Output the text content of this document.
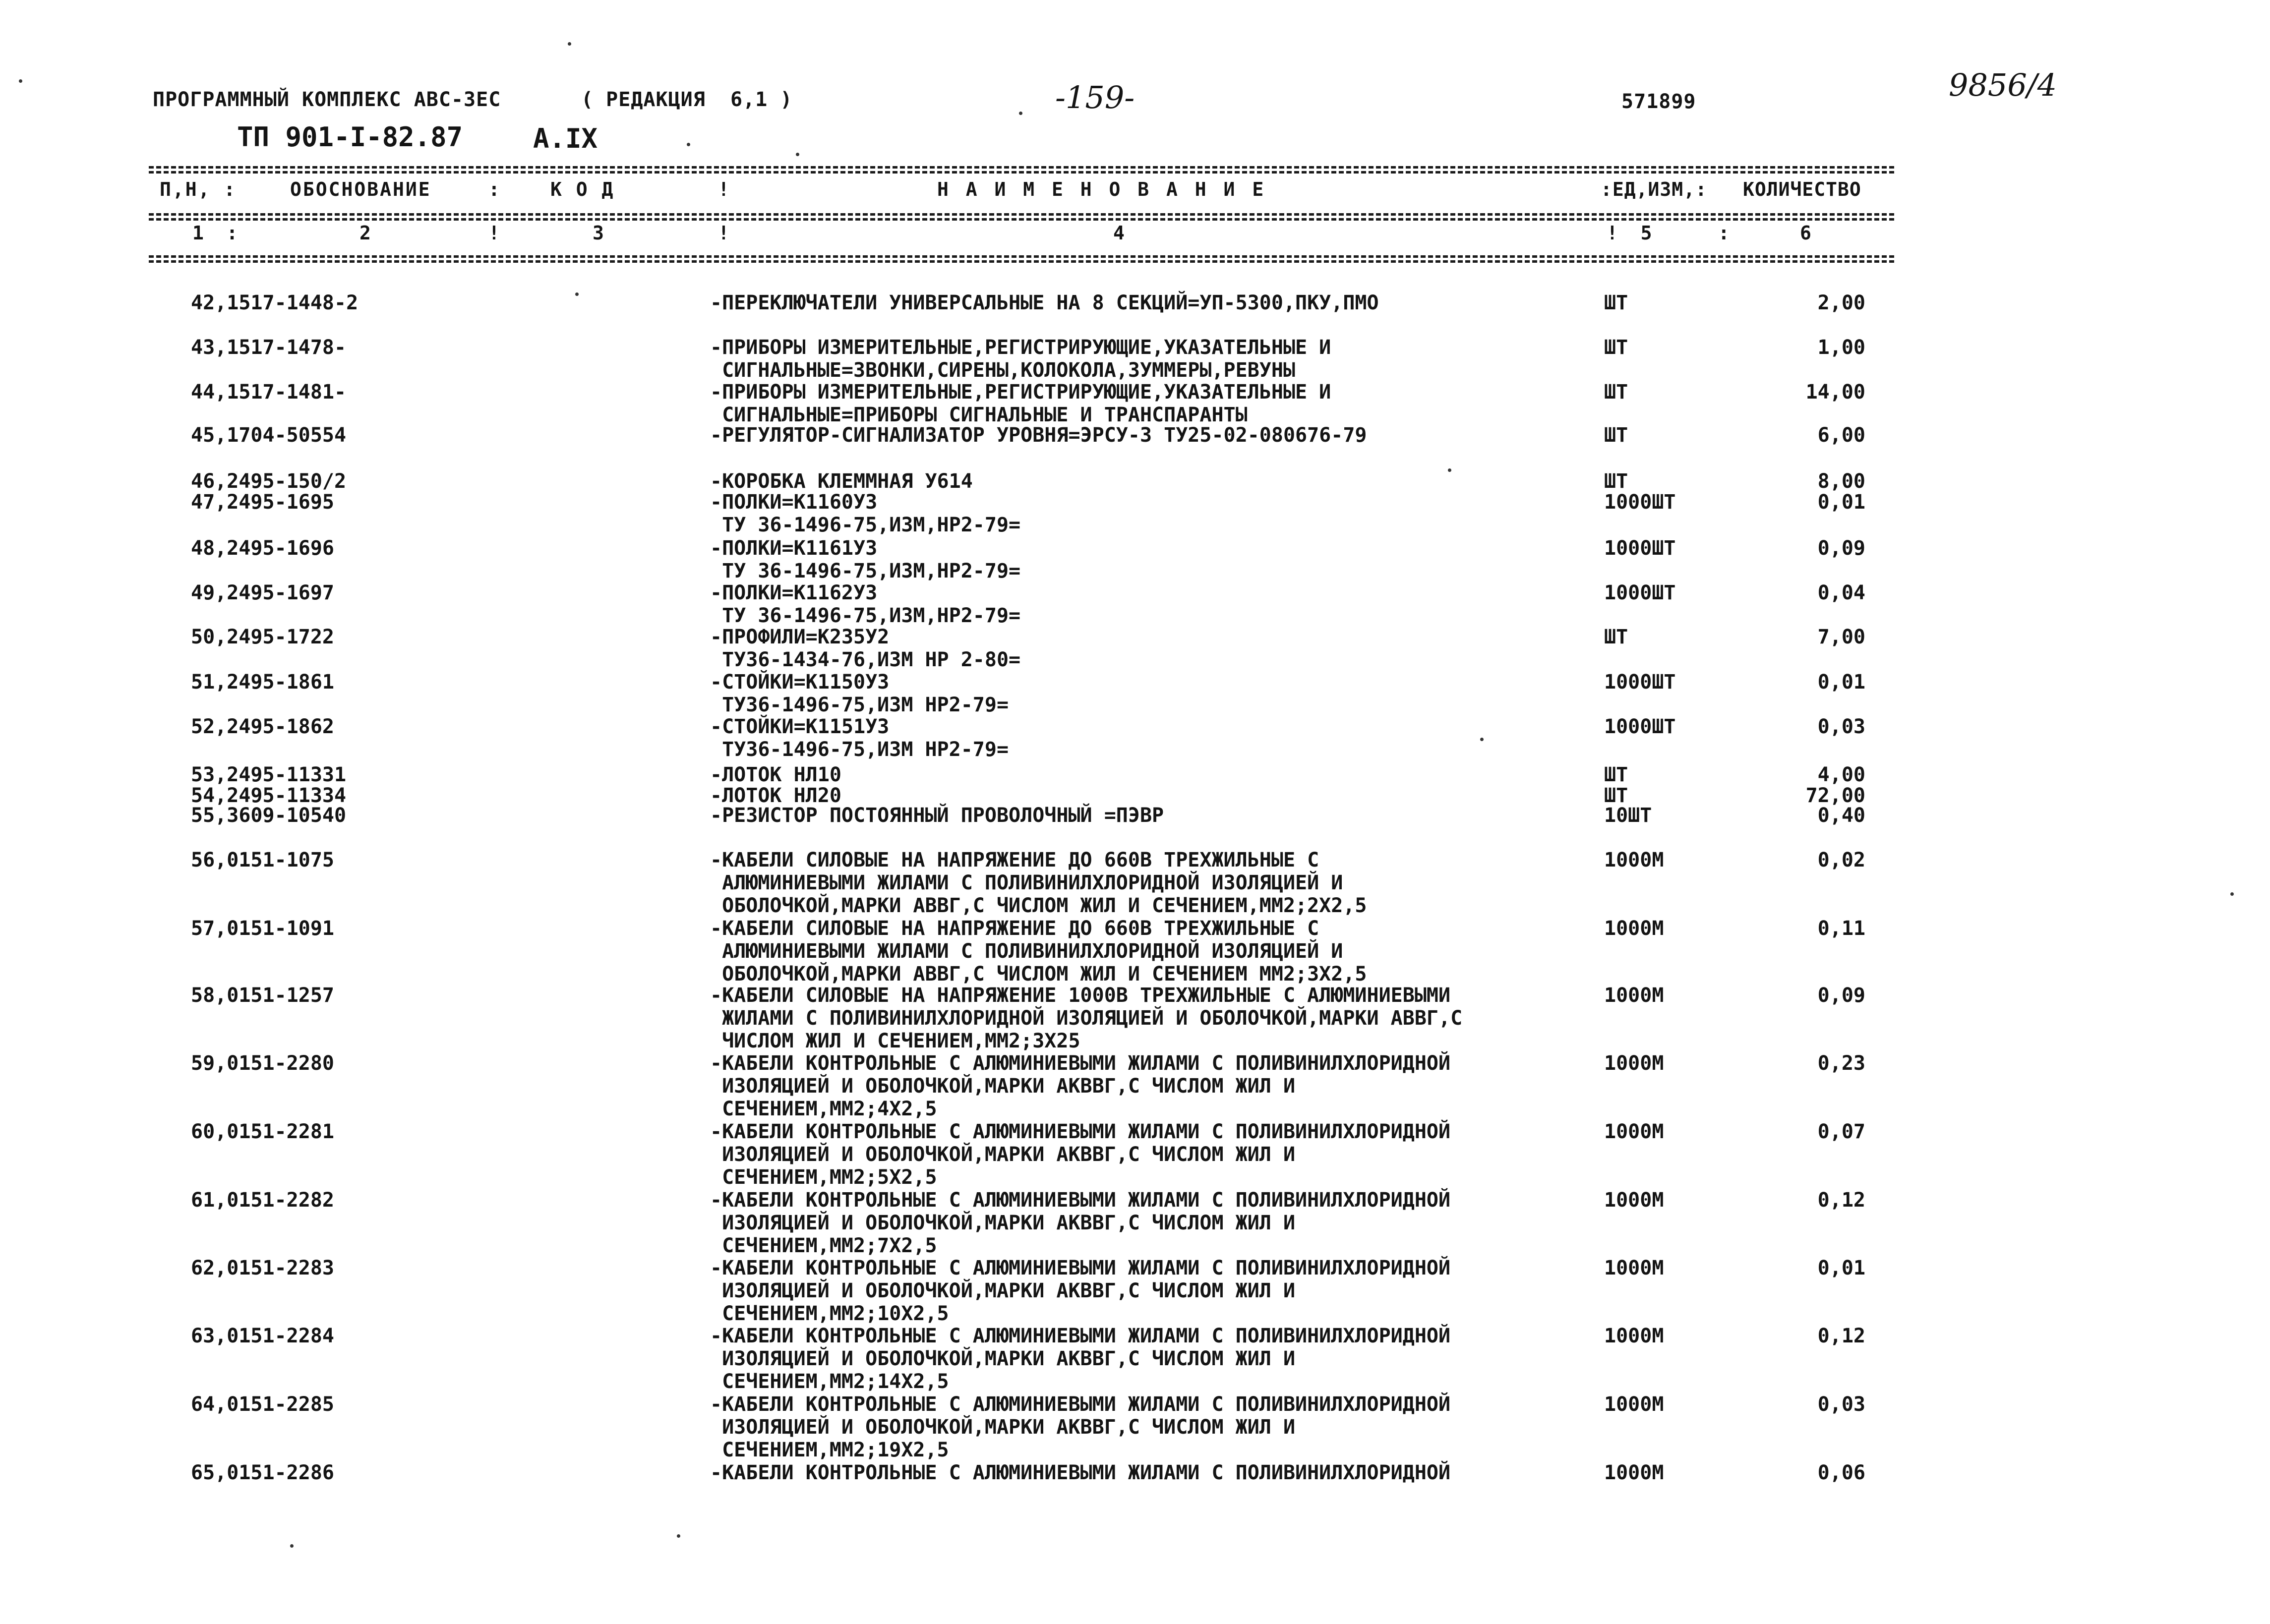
ПРОГРАММНЫЙ КОМПЛЕКС АВС-3ЕС	( РЕДАКЦИЯ  6,1 )	-159-	571899	9856/4
ТП 901-I-82.87	А.IX
П,Н, :	ОБОСНОВАНИЕ	:	К О Д	!	Н А И М Е Н О В А Н И Е	:ЕД,ИЗМ,: КОЛИЧЕСТВО
1  :	2	!	3	!	4	!  5	:	6
42,1517-1448-2	-ПЕРЕКЛЮЧАТЕЛИ УНИВЕРСАЛЬНЫЕ НА 8 СЕКЦИЙ=УП-5300,ПКУ,ПМО	ШТ	2,00
43,1517-1478-	-ПРИБОРЫ ИЗМЕРИТЕЛЬНЫЕ,РЕГИСТРИРУЮЩИЕ,УКАЗАТЕЛЬНЫЕ И
СИГНАЛЬНЫЕ=ЗВОНКИ,СИРЕНЫ,КОЛОКОЛА,ЗУММЕРЫ,РЕВУНЫ
ШТ	1,00
44,1517-1481-	-ПРИБОРЫ ИЗМЕРИТЕЛЬНЫЕ,РЕГИСТРИРУЮЩИЕ,УКАЗАТЕЛЬНЫЕ И
СИГНАЛЬНЫЕ=ПРИБОРЫ СИГНАЛЬНЫЕ И ТРАНСПАРАНТЫ
ШТ	14,00
45,1704-50554	-РЕГУЛЯТОР-СИГНАЛИЗАТОР УРОВНЯ=ЭРСУ-3 ТУ25-02-080676-79	ШТ	6,00
46,2495-150/2	-КОРОБКА КЛЕММНАЯ У614	ШТ	8,00
47,2495-1695	-ПОЛКИ=К1160У3
ТУ 36-1496-75,ИЗМ,НР2-79=
1000ШТ	0,01
48,2495-1696	-ПОЛКИ=К1161У3
ТУ 36-1496-75,ИЗМ,НР2-79=
1000ШТ	0,09
49,2495-1697	-ПОЛКИ=К1162У3
ТУ 36-1496-75,ИЗМ,НР2-79=
1000ШТ	0,04
50,2495-1722	-ПРОФИЛИ=К235У2
ТУ36-1434-76,ИЗМ НР 2-80=
ШТ	7,00
51,2495-1861	-СТОЙКИ=К1150У3
ТУ36-1496-75,ИЗМ НР2-79=
1000ШТ	0,01
52,2495-1862	-СТОЙКИ=К1151У3
ТУ36-1496-75,ИЗМ НР2-79=
1000ШТ	0,03
53,2495-11331	-ЛОТОК НЛ10	ШТ	4,00
54,2495-11334	-ЛОТОК НЛ20	ШТ	72,00
55,3609-10540	-РЕЗИСТОР ПОСТОЯННЫЙ ПРОВОЛОЧНЫЙ =ПЭВР	10ШТ	0,40
56,0151-1075	-КАБЕЛИ СИЛОВЫЕ НА НАПРЯЖЕНИЕ ДО 660В ТРЕХЖИЛЬНЫЕ С
АЛЮМИНИЕВЫМИ ЖИЛАМИ С ПОЛИВИНИЛХЛОРИДНОЙ ИЗОЛЯЦИЕЙ И
ОБОЛОЧКОЙ,МАРКИ АВВГ,С ЧИСЛОМ ЖИЛ И СЕЧЕНИЕМ,ММ2;2Х2,5
1000М	0,02
57,0151-1091	-КАБЕЛИ СИЛОВЫЕ НА НАПРЯЖЕНИЕ ДО 660В ТРЕХЖИЛЬНЫЕ С
АЛЮМИНИЕВЫМИ ЖИЛАМИ С ПОЛИВИНИЛХЛОРИДНОЙ ИЗОЛЯЦИЕЙ И
ОБОЛОЧКОЙ,МАРКИ АВВГ,С ЧИСЛОМ ЖИЛ И СЕЧЕНИЕМ ММ2;3Х2,5
1000М	0,11
58,0151-1257	-КАБЕЛИ СИЛОВЫЕ НА НАПРЯЖЕНИЕ 1000В ТРЕХЖИЛЬНЫЕ С АЛЮМИНИЕВЫМИ
ЖИЛАМИ С ПОЛИВИНИЛХЛОРИДНОЙ ИЗОЛЯЦИЕЙ И ОБОЛОЧКОЙ,МАРКИ АВВГ,С
ЧИСЛОМ ЖИЛ И СЕЧЕНИЕМ,ММ2;3Х25
1000М	0,09
59,0151-2280	-КАБЕЛИ КОНТРОЛЬНЫЕ С АЛЮМИНИЕВЫМИ ЖИЛАМИ С ПОЛИВИНИЛХЛОРИДНОЙ
ИЗОЛЯЦИЕЙ И ОБОЛОЧКОЙ,МАРКИ АКВВГ,С ЧИСЛОМ ЖИЛ И
СЕЧЕНИЕМ,ММ2;4Х2,5
1000М	0,23
60,0151-2281	-КАБЕЛИ КОНТРОЛЬНЫЕ С АЛЮМИНИЕВЫМИ ЖИЛАМИ С ПОЛИВИНИЛХЛОРИДНОЙ
ИЗОЛЯЦИЕЙ И ОБОЛОЧКОЙ,МАРКИ АКВВГ,С ЧИСЛОМ ЖИЛ И
СЕЧЕНИЕМ,ММ2;5Х2,5
1000М	0,07
61,0151-2282	-КАБЕЛИ КОНТРОЛЬНЫЕ С АЛЮМИНИЕВЫМИ ЖИЛАМИ С ПОЛИВИНИЛХЛОРИДНОЙ
ИЗОЛЯЦИЕЙ И ОБОЛОЧКОЙ,МАРКИ АКВВГ,С ЧИСЛОМ ЖИЛ И
СЕЧЕНИЕМ,ММ2;7Х2,5
1000М	0,12
62,0151-2283	-КАБЕЛИ КОНТРОЛЬНЫЕ С АЛЮМИНИЕВЫМИ ЖИЛАМИ С ПОЛИВИНИЛХЛОРИДНОЙ
ИЗОЛЯЦИЕЙ И ОБОЛОЧКОЙ,МАРКИ АКВВГ,С ЧИСЛОМ ЖИЛ И
СЕЧЕНИЕМ,ММ2;10Х2,5
1000М	0,01
63,0151-2284	-КАБЕЛИ КОНТРОЛЬНЫЕ С АЛЮМИНИЕВЫМИ ЖИЛАМИ С ПОЛИВИНИЛХЛОРИДНОЙ
ИЗОЛЯЦИЕЙ И ОБОЛОЧКОЙ,МАРКИ АКВВГ,С ЧИСЛОМ ЖИЛ И
СЕЧЕНИЕМ,ММ2;14Х2,5
1000М	0,12
64,0151-2285	-КАБЕЛИ КОНТРОЛЬНЫЕ С АЛЮМИНИЕВЫМИ ЖИЛАМИ С ПОЛИВИНИЛХЛОРИДНОЙ
ИЗОЛЯЦИЕЙ И ОБОЛОЧКОЙ,МАРКИ АКВВГ,С ЧИСЛОМ ЖИЛ И
СЕЧЕНИЕМ,ММ2;19Х2,5
1000М	0,03
65,0151-2286	-КАБЕЛИ КОНТРОЛЬНЫЕ С АЛЮМИНИЕВЫМИ ЖИЛАМИ С ПОЛИВИНИЛХЛОРИДНОЙ	1000М	0,06
